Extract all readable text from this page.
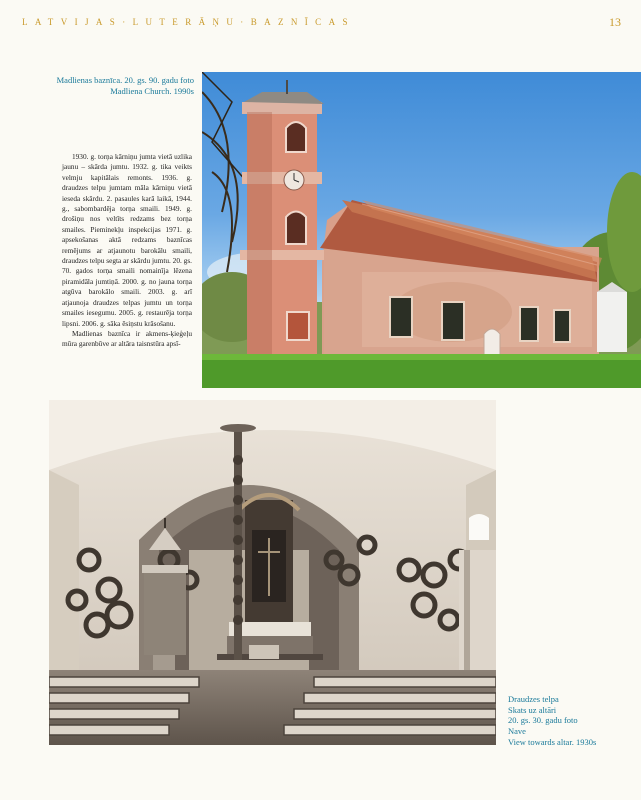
LATVIJAS·LUTERĀŅU·BAZNĪCAS	13
Madlienas baznīca. 20. gs. 90. gadu foto
Madliena Church. 1990s

1930. g. torņa kārniņu jumta vietā uzlika jaunu – skārda jumtu. 1932. g. tika veikts velmju kapitālais remonts. 1936. g. draudzes telpu jumtam māla kārniņu vietā ieseda skārdu. 2. pasaules karā laikā, 1944. g., sabombardēja torņa smaili. 1949. g. drošiņu nos veltīts redzams bez torņa smailes. Pieminekļu inspekcijas 1971. g. apsekošanas aktā redzams baznīcas remējums ar atjaunotu barokālu smaili, draudzes telpu segta ar skārdu jumtu. 20. gs. 70. gados torņa smaili nomainīja lēzena piramidāla jumtiņā. 2000. g. no jauna torņa atgūva barokālo smaili. 2003. g. arī atjaunoja draudzes telpas jumtu un torņa smailes iesegumu. 2005. g. restaurēja torņa lipsni. 2006. g. sāka ēsiņstu krāsošanu.

Madlienas baznīca ir akmens-ķieģeļu mūra garenbūve ar altāra taisnstūra apsī-

Draudzes telpa
Skats uz altāri
20. gs. 30. gadu foto
Nave
View towards altar. 1930s
